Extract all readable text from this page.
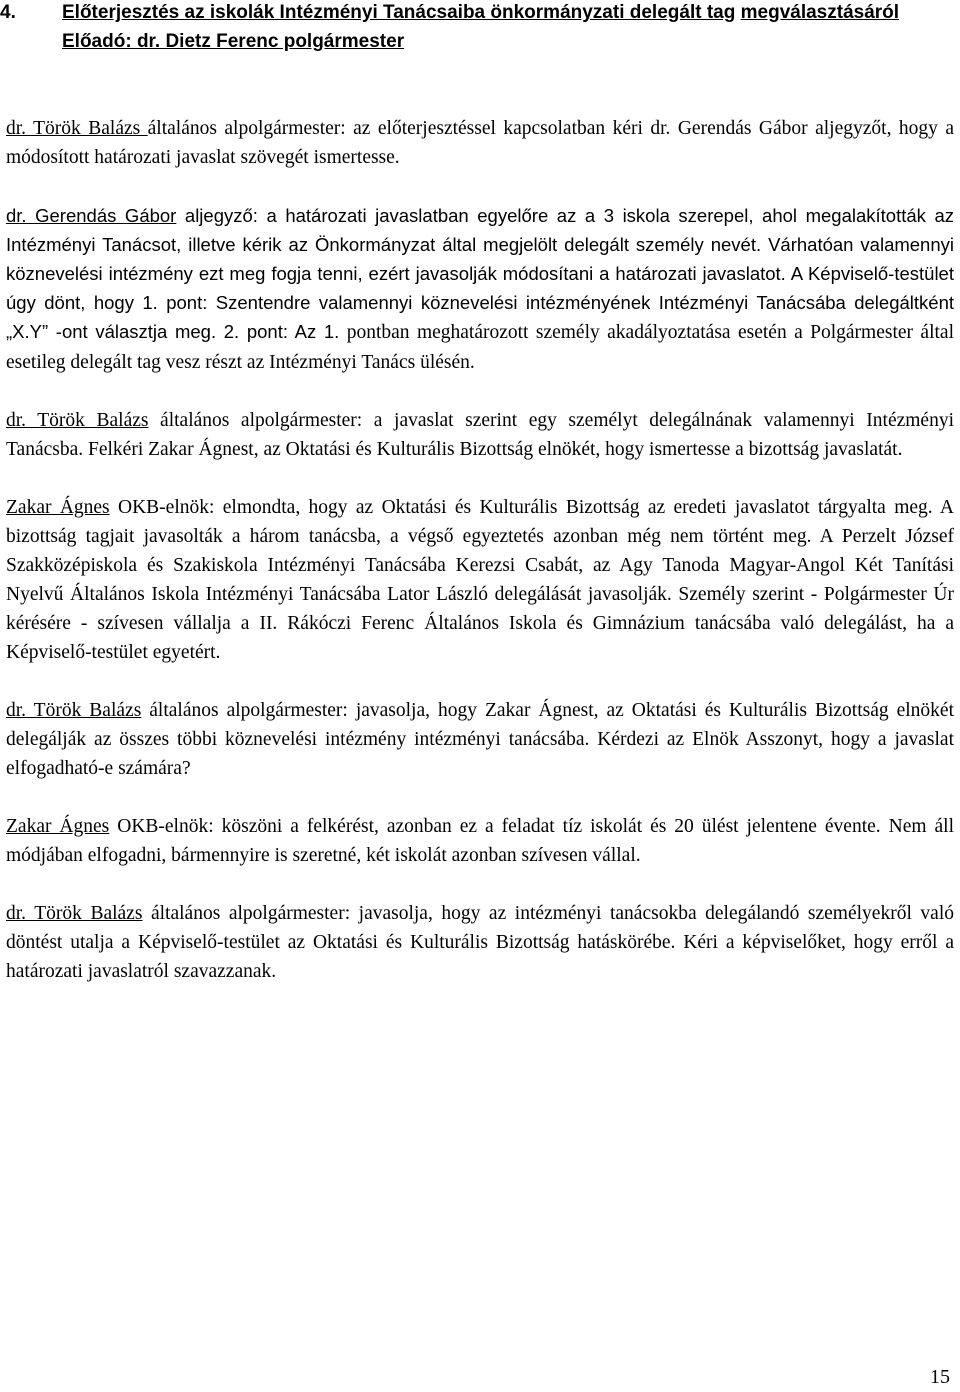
4.	Előterjesztés az iskolák Intézményi Tanácsaiba önkormányzati delegált tag megválasztásáról
Előadó: dr. Dietz Ferenc polgármester

dr. Török Balázs általános alpolgármester: az előterjesztéssel kapcsolatban kéri dr. Gerendás Gábor aljegyzőt, hogy a módosított határozati javaslat szövegét ismertesse.

dr. Gerendás Gábor aljegyző: a határozati javaslatban egyelőre az a 3 iskola szerepel, ahol megalakították az Intézményi Tanácsot, illetve kérik az Önkormányzat által megjelölt delegált személy nevét. Várhatóan valamennyi köznevelési intézmény ezt meg fogja tenni, ezért javasolják módosítani a határozati javaslatot. A Képviselő-testület úgy dönt, hogy 1. pont: Szentendre valamennyi köznevelési intézményének Intézményi Tanácsába delegáltként „X.Y” -ont választja meg. 2. pont: Az 1. pontban meghatározott személy akadályoztatása esetén a Polgármester által esetileg delegált tag vesz részt az Intézményi Tanács ülésén.

dr. Török Balázs általános alpolgármester: a javaslat szerint egy személyt delegálnának valamennyi Intézményi Tanácsba. Felkéri Zakar Ágnest, az Oktatási és Kulturális Bizottság elnökét, hogy ismertesse a bizottság javaslatát.

Zakar Ágnes OKB-elnök: elmondta, hogy az Oktatási és Kulturális Bizottság az eredeti javaslatot tárgyalta meg. A bizottság tagjait javasolták a három tanácsba, a végső egyeztetés azonban még nem történt meg. A Perzelt József Szakközépiskola és Szakiskola Intézményi Tanácsába Kerezsi Csabát, az Agy Tanoda Magyar-Angol Két Tanítási Nyelvű Általános Iskola Intézményi Tanácsába Lator László delegálását javasolják. Személy szerint - Polgármester Úr kérésére - szívesen vállalja a II. Rákóczi Ferenc Általános Iskola és Gimnázium tanácsába való delegálást, ha a Képviselő-testület egyetért.

dr. Török Balázs általános alpolgármester: javasolja, hogy Zakar Ágnest, az Oktatási és Kulturális Bizottság elnökét delegálják az összes többi köznevelési intézmény intézményi tanácsába. Kérdezi az Elnök Asszonyt, hogy a javaslat elfogadható-e számára?

Zakar Ágnes OKB-elnök: köszöni a felkérést, azonban ez a feladat tíz iskolát és 20 ülést jelentene évente. Nem áll módjában elfogadni, bármennyire is szeretné, két iskolát azonban szívesen vállal.

dr. Török Balázs általános alpolgármester: javasolja, hogy az intézményi tanácsokba delegálandó személyekről való döntést utalja a Képviselő-testület az Oktatási és Kulturális Bizottság hatáskörébe. Kéri a képviselőket, hogy erről a határozati javaslatról szavazzanak.

15
